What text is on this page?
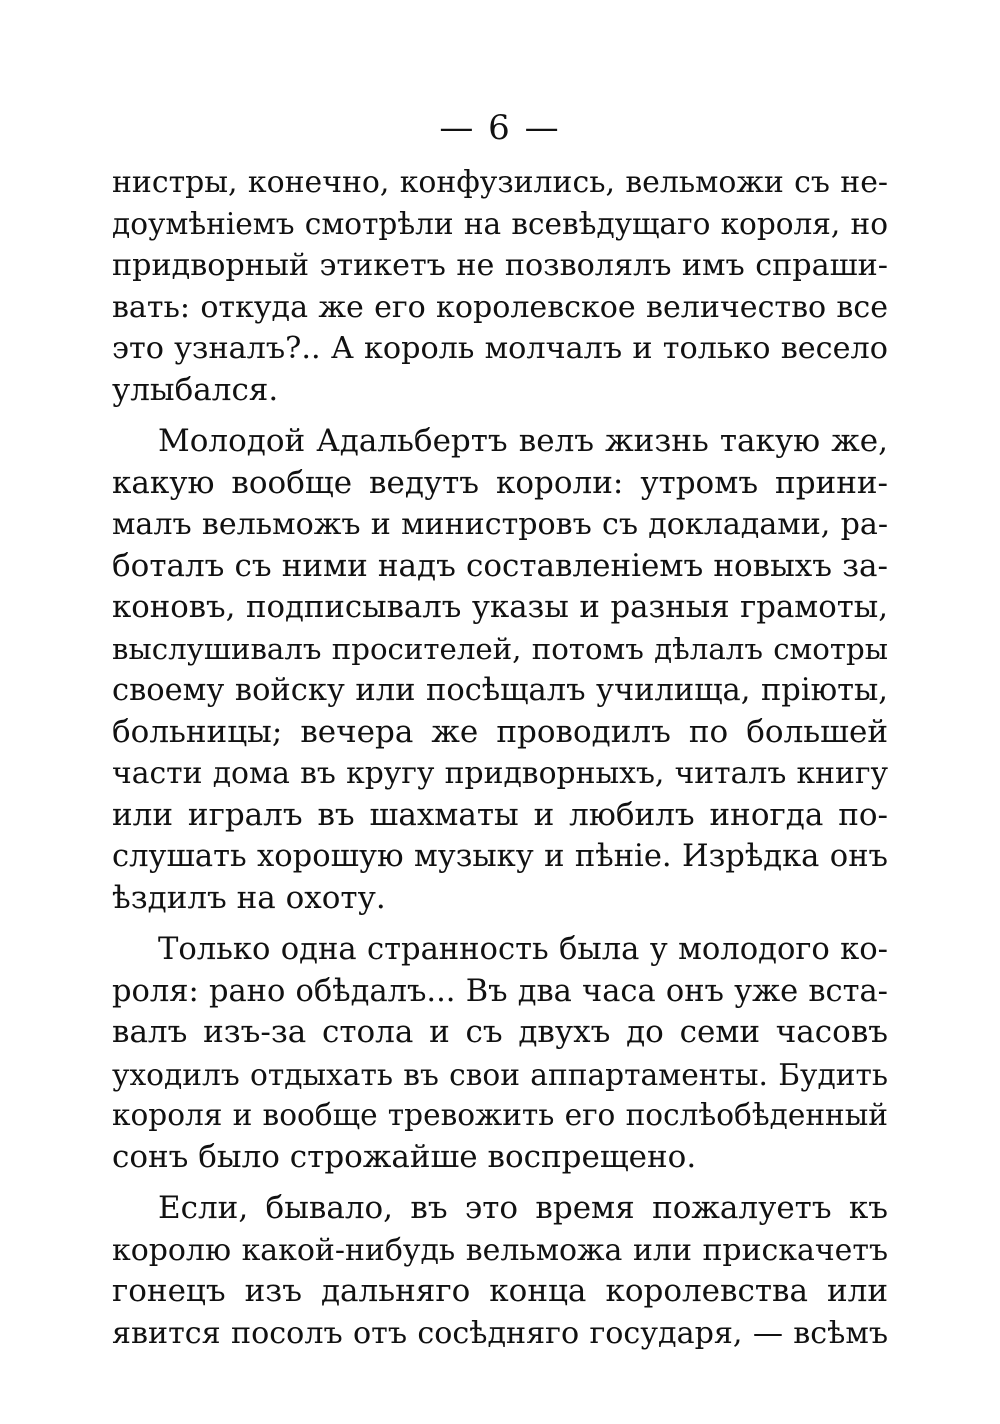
— 6 —
нистры, конечно, конфузились, вельможи съ не-
доумѣніемъ смотрѣли на всевѣдущаго короля, но
придворный этикетъ не позволялъ имъ спраши-
вать: откуда же его королевское величество все
это узналъ?.. А король молчалъ и только весело
улыбался.
Молодой Адальбертъ велъ жизнь такую же,
какую вообще ведутъ короли: утромъ прини-
малъ вельможъ и министровъ съ докладами, ра-
боталъ съ ними надъ составленіемъ новыхъ за-
коновъ, подписывалъ указы и разныя грамоты,
выслушивалъ просителей, потомъ дѣлалъ смотры
своему войску или посѣщалъ училища, пріюты,
больницы; вечера же проводилъ по большей
части дома въ кругу придворныхъ, читалъ книгу
или игралъ въ шахматы и любилъ иногда по-
слушать хорошую музыку и пѣніе. Изрѣдка онъ
ѣздилъ на охоту.
Только одна странность была у молодого ко-
роля: рано обѣдалъ... Въ два часа онъ уже вста-
валъ изъ-за стола и съ двухъ до семи часовъ
уходилъ отдыхать въ свои аппартаменты. Будить
короля и вообще тревожить его послѣобѣденный
сонъ было строжайше воспрещено.
Если, бывало, въ это время пожалуетъ къ
королю какой-нибудь вельможа или прискачетъ
гонецъ изъ дальняго конца королевства или
явится посолъ отъ сосѣдняго государя, — всѣмъ
